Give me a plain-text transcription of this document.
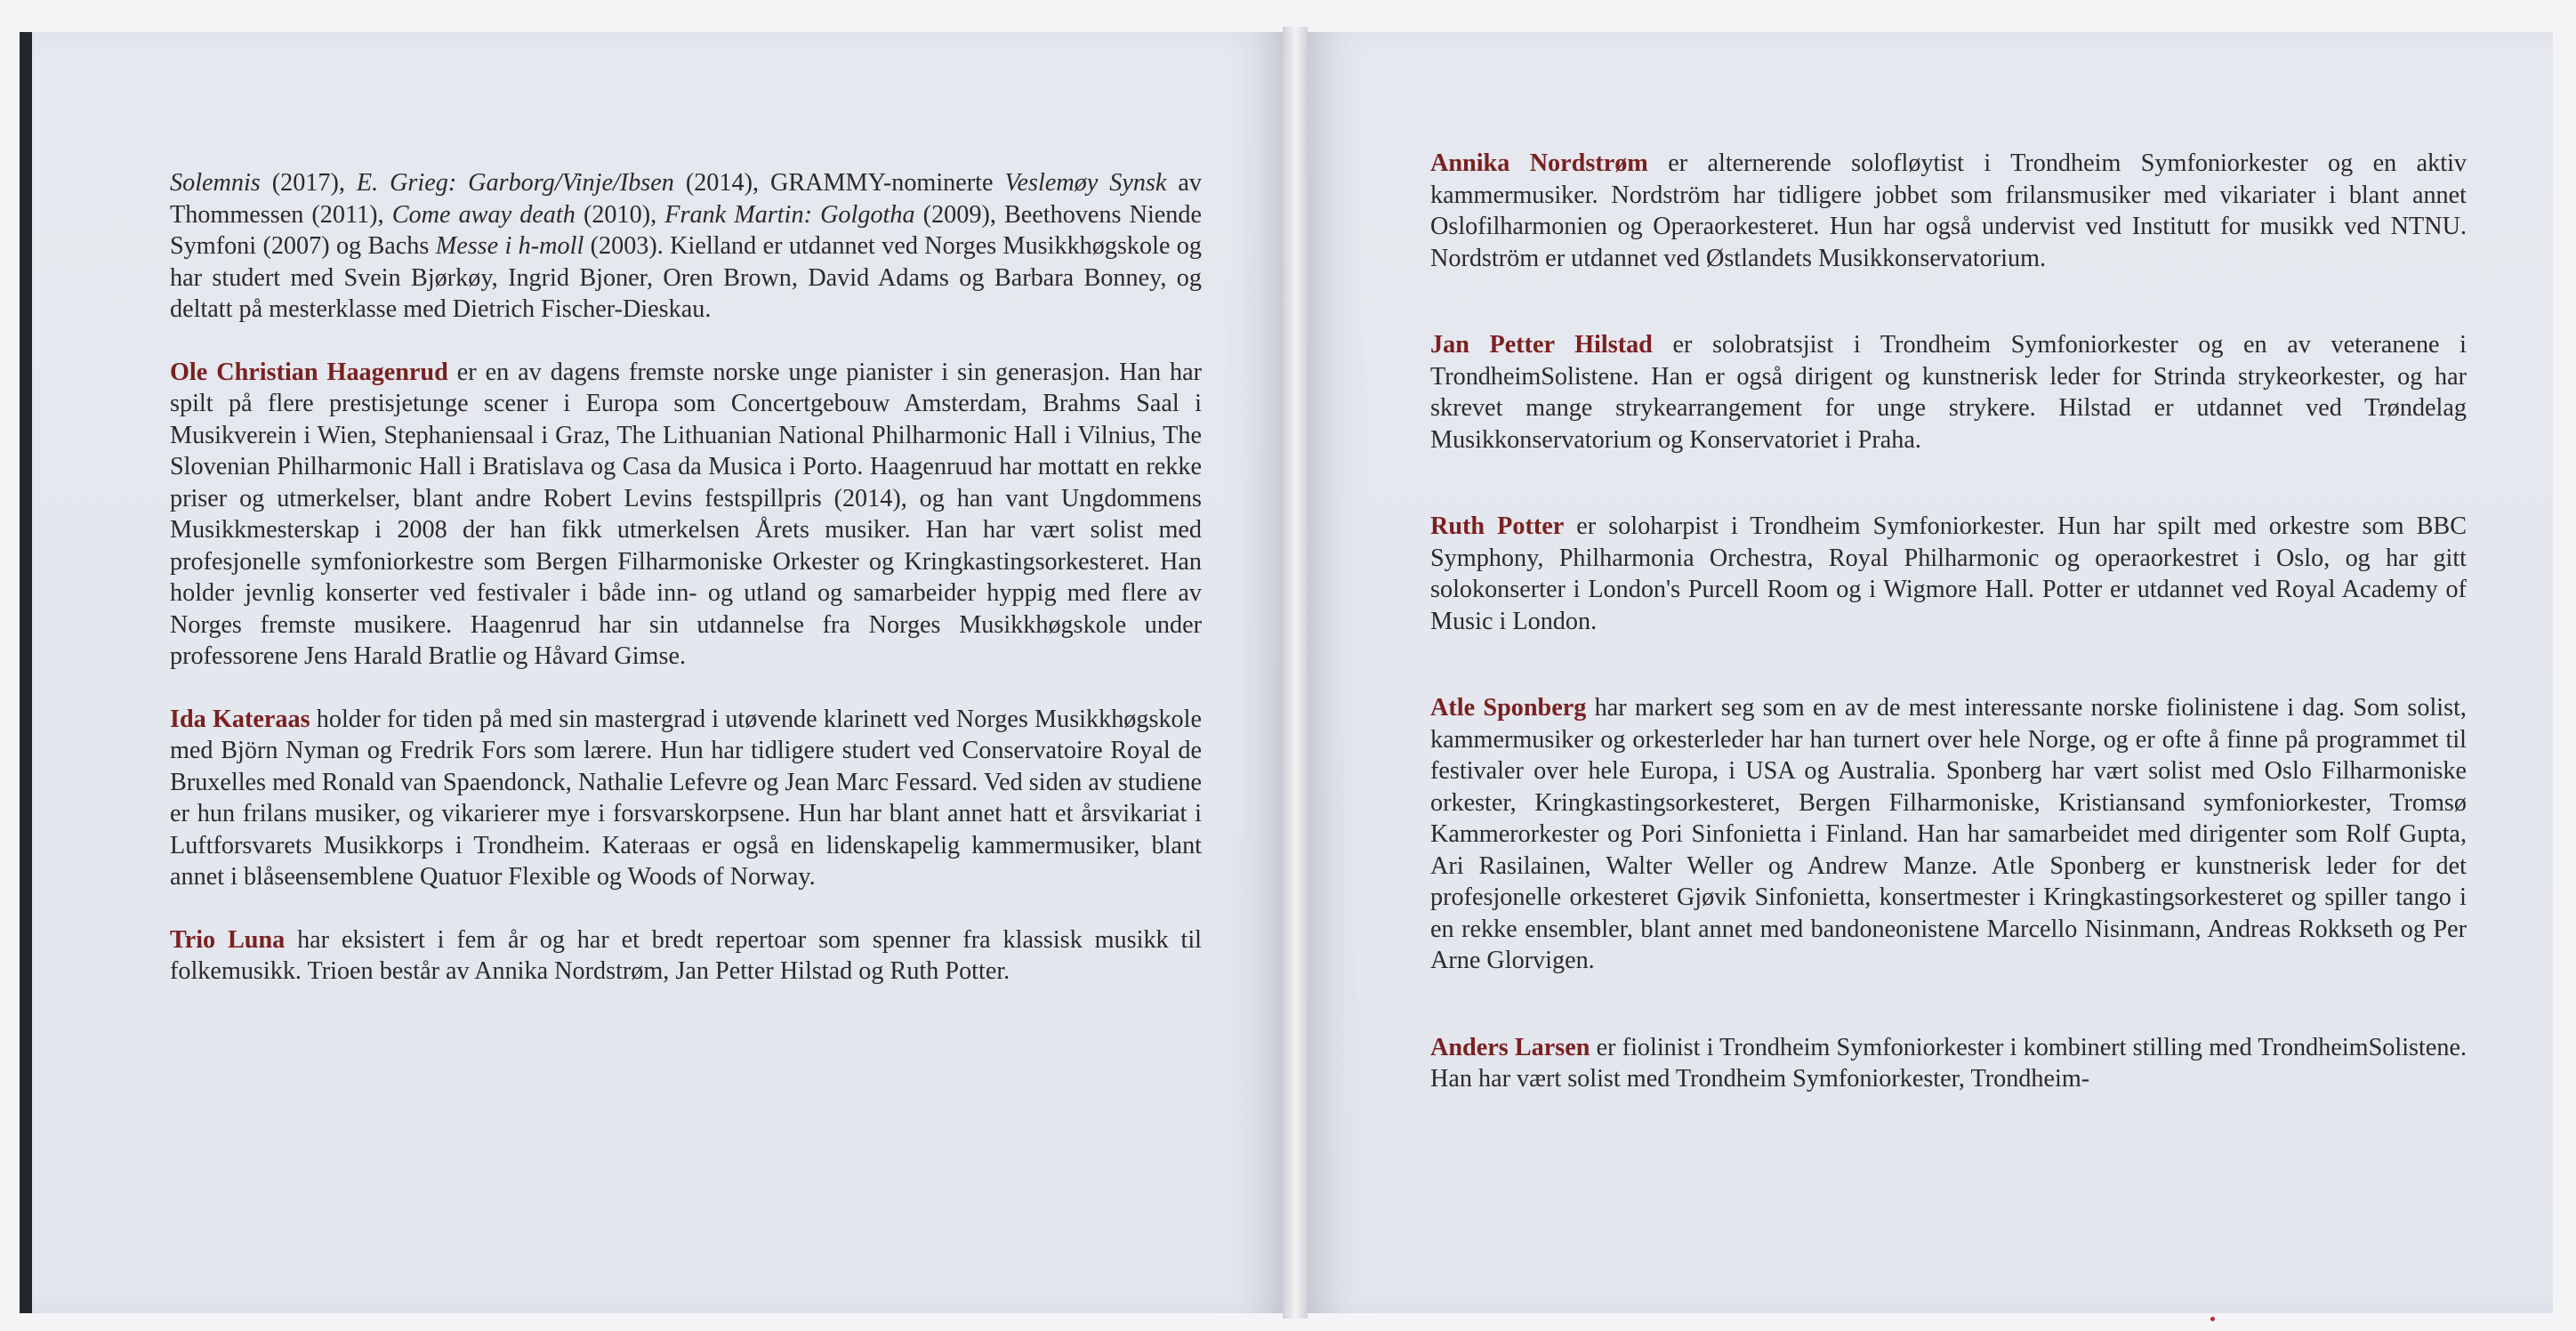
Solemnis (2017), E. Grieg: Garborg/Vinje/Ibsen (2014), GRAMMY-nominerte Veslemøy Synsk av Thommessen (2011), Come away death (2010), Frank Martin: Golgotha (2009), Beethovens Niende Symfoni (2007) og Bachs Messe i h-moll (2003). Kielland er utdannet ved Norges Musikkhøgskole og har studert med Svein Bjørkøy, Ingrid Bjoner, Oren Brown, David Adams og Barbara Bonney, og deltatt på mesterklasse med Dietrich Fischer-Dieskau.

Ole Christian Haagenrud er en av dagens fremste norske unge pianister i sin generasjon. Han har spilt på flere prestisjetunge scener i Europa som Concertgebouw Amsterdam, Brahms Saal i Musikverein i Wien, Stephaniensaal i Graz, The Lithuanian National Philharmonic Hall i Vilnius, The Slovenian Philharmonic Hall i Bratislava og Casa da Musica i Porto. Haagenruud har mottatt en rekke priser og utmerkelser, blant andre Robert Levins festspillpris (2014), og han vant Ungdommens Musikkmesterskap i 2008 der han fikk utmerkelsen Årets musiker. Han har vært solist med profesjonelle symfoniorkestre som Bergen Filharmoniske Orkester og Kringkastingsorkesteret. Han holder jevnlig konserter ved festivaler i både inn- og utland og samarbeider hyppig med flere av Norges fremste musikere. Haagenrud har sin utdannelse fra Norges Musikkhøgskole under professorene Jens Harald Bratlie og Håvard Gimse.

Ida Kateraas holder for tiden på med sin mastergrad i utøvende klarinett ved Norges Musikkhøgskole med Björn Nyman og Fredrik Fors som lærere. Hun har tidligere studert ved Conservatoire Royal de Bruxelles med Ronald van Spaendonck, Nathalie Lefevre og Jean Marc Fessard. Ved siden av studiene er hun frilans musiker, og vikarierer mye i forsvarskorpsene. Hun har blant annet hatt et årsvikariat i Luftforsvarets Musikkorps i Trondheim. Kateraas er også en lidenskapelig kammermusiker, blant annet i blåseensemblene Quatuor Flexible og Woods of Norway.

Trio Luna har eksistert i fem år og har et bredt repertoar som spenner fra klassisk musikk til folkemusikk. Trioen består av Annika Nordstrøm, Jan Petter Hilstad og Ruth Potter.

Annika Nordstrøm er alternerende solofløytist i Trondheim Symfoniorkester og en aktiv kammermusiker. Nordström har tidligere jobbet som frilansmusiker med vikariater i blant annet Oslofilharmonien og Operaorkesteret. Hun har også undervist ved Institutt for musikk ved NTNU. Nordström er utdannet ved Østlandets Musikkonservatorium.

Jan Petter Hilstad er solobratsjist i Trondheim Symfoniorkester og en av veteranene i TrondheimSolistene. Han er også dirigent og kunstnerisk leder for Strinda strykeorkester, og har skrevet mange strykearrangement for unge strykere. Hilstad er utdannet ved Trøndelag Musikkonservatorium og Konservatoriet i Praha.

Ruth Potter er soloharpist i Trondheim Symfoniorkester. Hun har spilt med orkestre som BBC Symphony, Philharmonia Orchestra, Royal Philharmonic og operaorkestret i Oslo, og har gitt solokonserter i London's Purcell Room og i Wigmore Hall. Potter er utdannet ved Royal Academy of Music i London.

Atle Sponberg har markert seg som en av de mest interessante norske fiolinistene i dag. Som solist, kammermusiker og orkesterleder har han turnert over hele Norge, og er ofte å finne på programmet til festivaler over hele Europa, i USA og Australia. Sponberg har vært solist med Oslo Filharmoniske orkester, Kringkastingsorkesteret, Bergen Filharmoniske, Kristiansand symfoniorkester, Tromsø Kammerorkester og Pori Sinfonietta i Finland. Han har samarbeidet med dirigenter som Rolf Gupta, Ari Rasilainen, Walter Weller og Andrew Manze. Atle Sponberg er kunstnerisk leder for det profesjonelle orkesteret Gjøvik Sinfonietta, konsertmester i Kringkastingsorkesteret og spiller tango i en rekke ensembler, blant annet med bandoneonistene Marcello Nisinmann, Andreas Rokkseth og Per Arne Glorvigen.

Anders Larsen er fiolinist i Trondheim Symfoniorkester i kombinert stilling med TrondheimSolistene. Han har vært solist med Trondheim Symfoniorkester, Trondheim-
